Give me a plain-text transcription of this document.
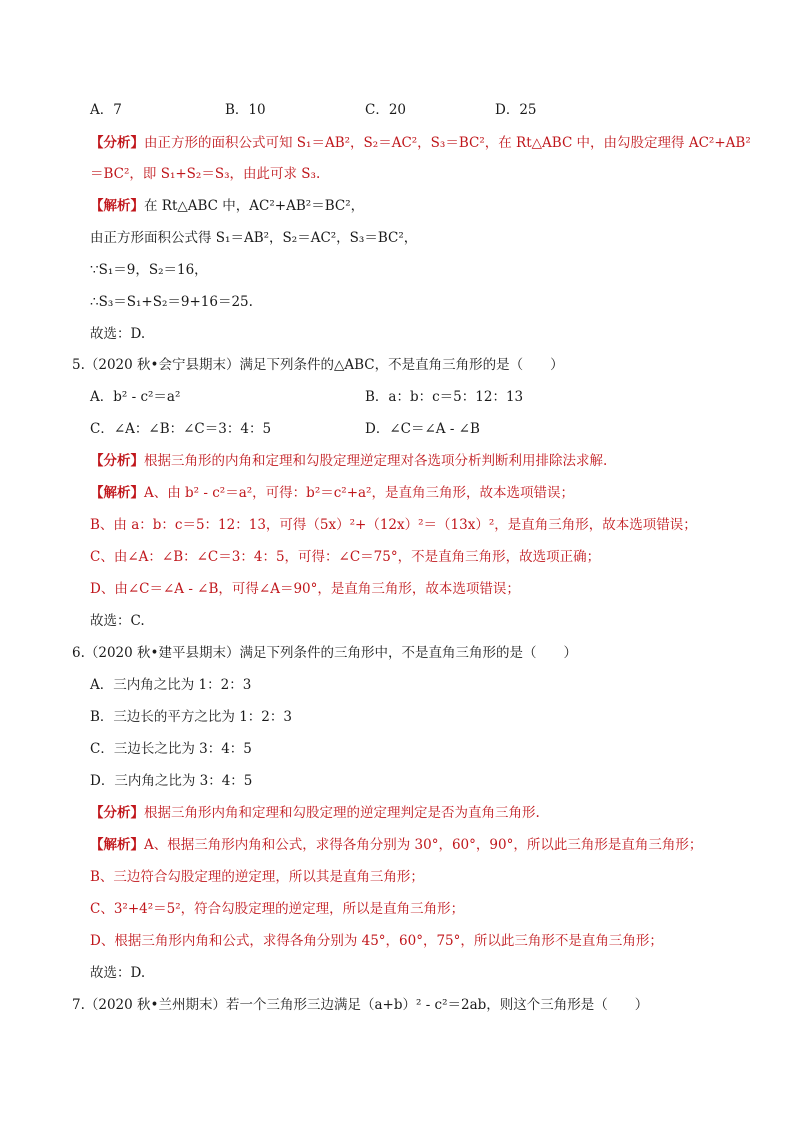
A．7	B．10	C．20	D．25
【分析】由正方形的面积公式可知 S₁＝AB²，S₂＝AC²，S₃＝BC²，在 Rt△ABC 中，由勾股定理得 AC²+AB²
＝BC²，即 S₁+S₂＝S₃，由此可求 S₃.
【解析】在 Rt△ABC 中，AC²+AB²＝BC²，
由正方形面积公式得 S₁＝AB²，S₂＝AC²，S₃＝BC²，
∵S₁＝9，S₂＝16，
∴S₃＝S₁+S₂＝9+16＝25.
故选：D.
5.（2020 秋•会宁县期末）满足下列条件的△ABC，不是直角三角形的是（　　）
A．b² - c²＝a²	B．a：b：c＝5：12：13
C．∠A：∠B：∠C＝3：4：5	D．∠C＝∠A - ∠B
【分析】根据三角形的内角和定理和勾股定理逆定理对各选项分析判断利用排除法求解.
【解析】A、由 b² - c²＝a²，可得：b²＝c²+a²，是直角三角形，故本选项错误；
B、由 a：b：c＝5：12：13，可得（5x）²+（12x）²＝（13x）²，是直角三角形，故本选项错误；
C、由∠A：∠B：∠C＝3：4：5，可得：∠C＝75°，不是直角三角形，故选项正确；
D、由∠C＝∠A - ∠B，可得∠A＝90°，是直角三角形，故本选项错误；
故选：C.
6.（2020 秋•建平县期末）满足下列条件的三角形中，不是直角三角形的是（　　）
A．三内角之比为 1：2：3
B．三边长的平方之比为 1：2：3
C．三边长之比为 3：4：5
D．三内角之比为 3：4：5
【分析】根据三角形内角和定理和勾股定理的逆定理判定是否为直角三角形.
【解析】A、根据三角形内角和公式，求得各角分别为 30°，60°，90°，所以此三角形是直角三角形；
B、三边符合勾股定理的逆定理，所以其是直角三角形；
C、3²+4²＝5²，符合勾股定理的逆定理，所以是直角三角形；
D、根据三角形内角和公式，求得各角分别为 45°，60°，75°，所以此三角形不是直角三角形；
故选：D.
7.（2020 秋•兰州期末）若一个三角形三边满足（a+b）² - c²＝2ab，则这个三角形是（　　）
